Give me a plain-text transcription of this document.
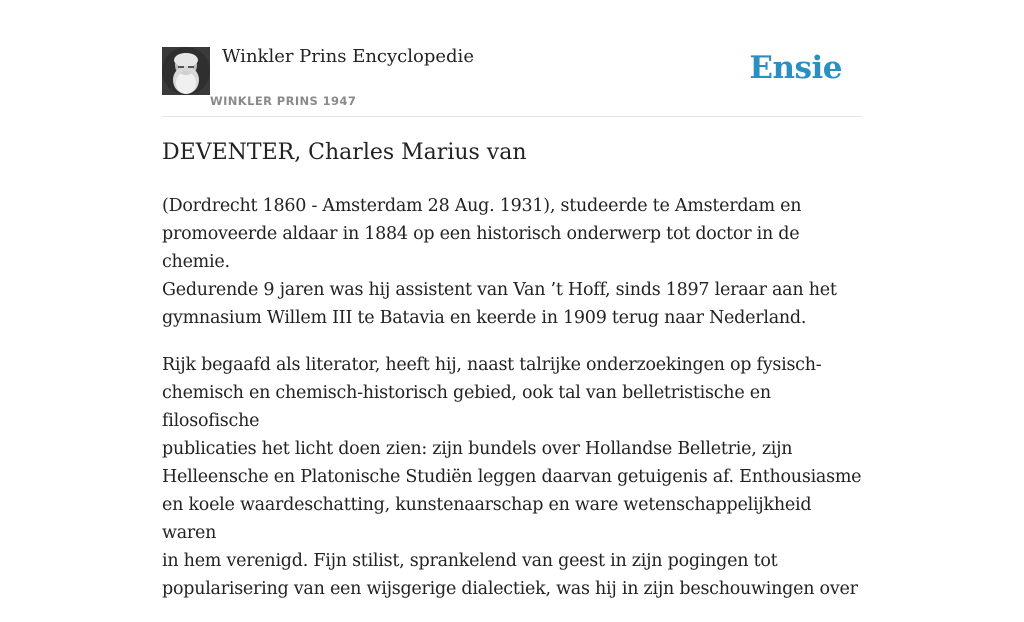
Winkler Prins Encyclopedie
WINKLER PRINS 1947
Ensie
DEVENTER, Charles Marius van

(Dordrecht 1860 - Amsterdam 28 Aug. 1931), studeerde te Amsterdam en
promoveerde aldaar in 1884 op een historisch onderwerp tot doctor in de chemie.
Gedurende 9 jaren was hij assistent van Van ’t Hoff, sinds 1897 leraar aan het
gymnasium Willem III te Batavia en keerde in 1909 terug naar Nederland.

Rijk begaafd als literator, heeft hij, naast talrijke onderzoekingen op fysisch-
chemisch en chemisch-historisch gebied, ook tal van belletristische en filosofische
publicaties het licht doen zien: zijn bundels over Hollandse Belletrie, zijn
Helleensche en Platonische Studiën leggen daarvan getuigenis af. Enthousiasme
en koele waardeschatting, kunstenaarschap en ware wetenschappelijkheid waren
in hem verenigd. Fijn stilist, sprankelend van geest in zijn pogingen tot
popularisering van een wijsgerige dialectiek, was hij in zijn beschouwingen over
